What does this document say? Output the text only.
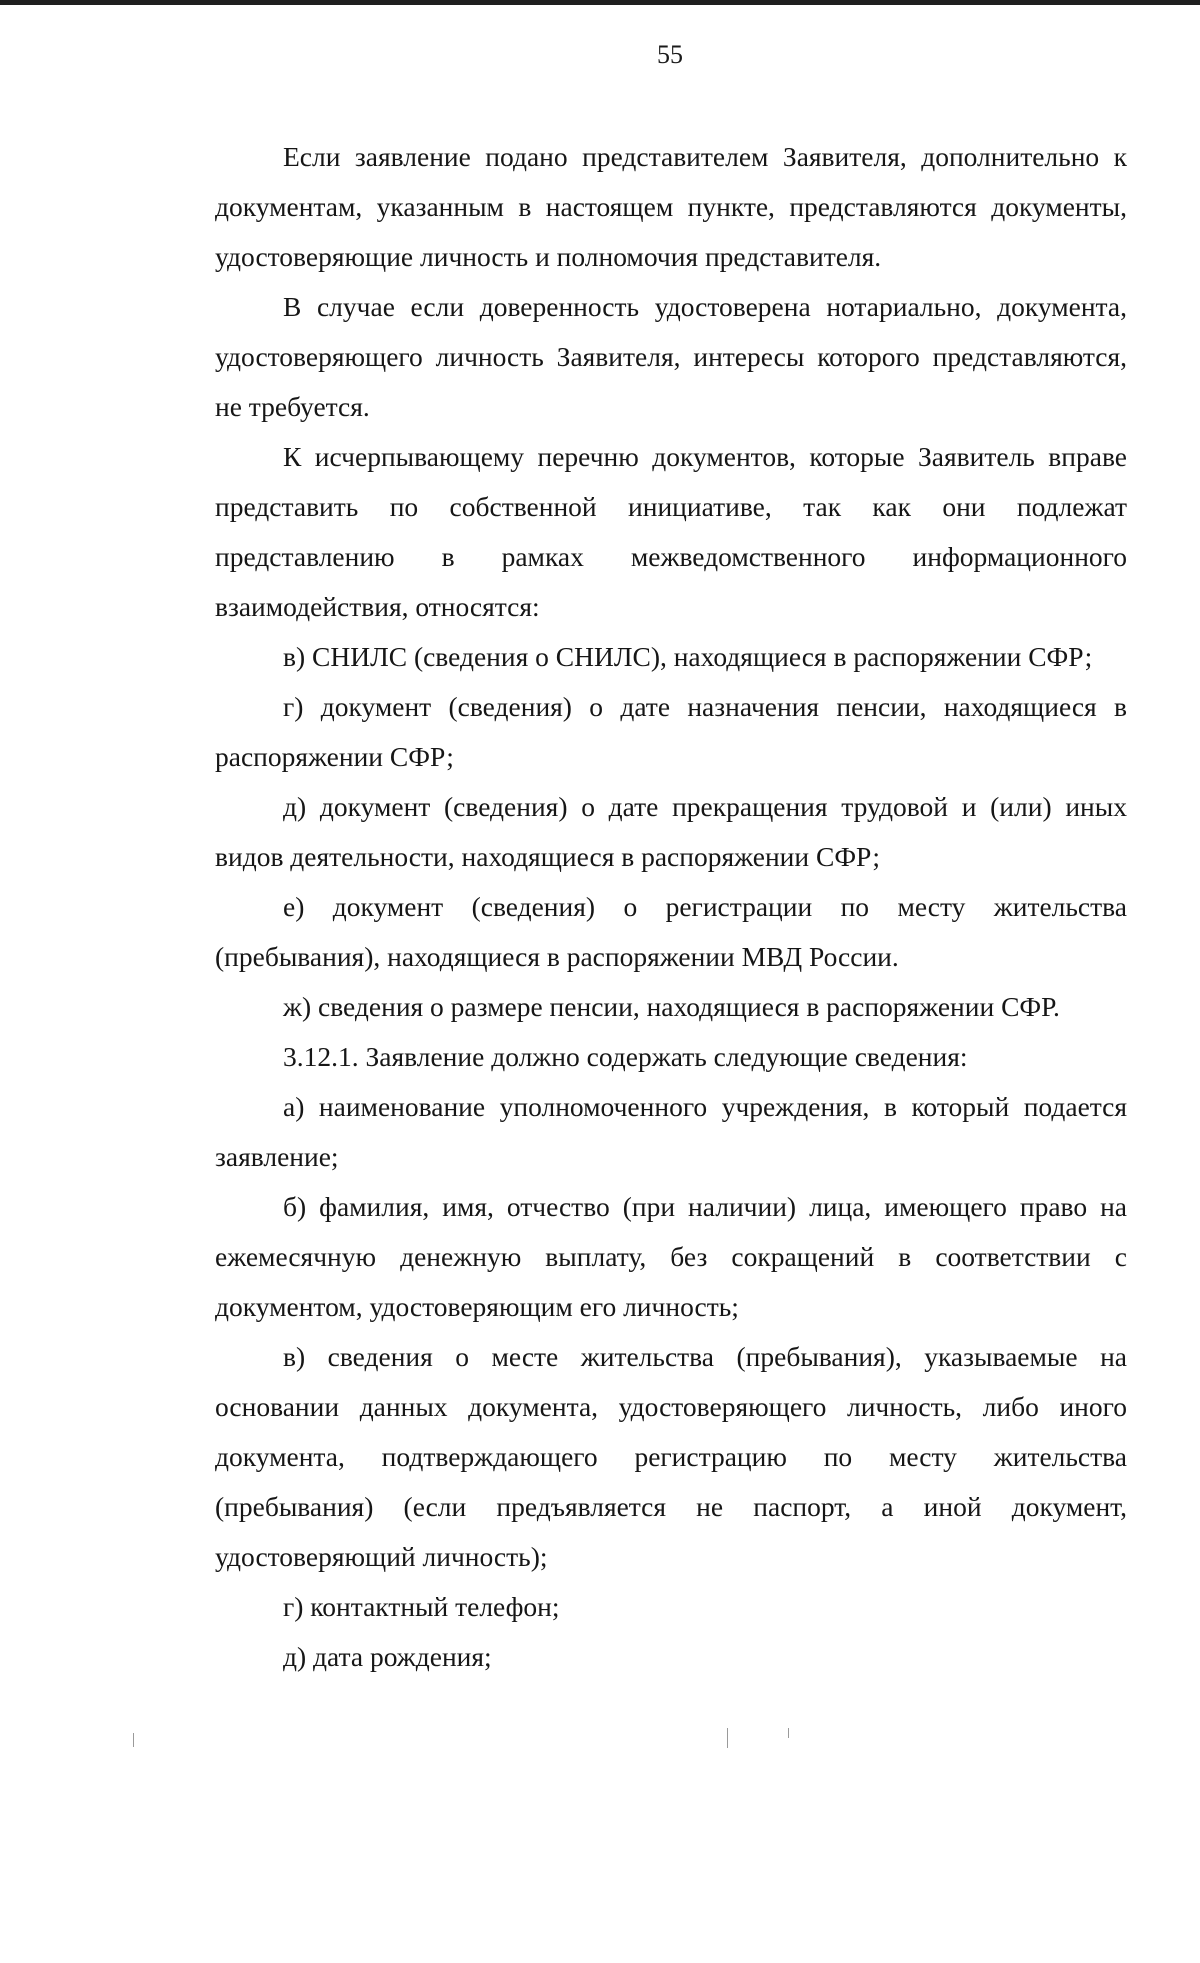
55

Если заявление подано представителем Заявителя, дополнительно к документам, указанным в настоящем пункте, представляются документы, удостоверяющие личность и полномочия представителя.

В случае если доверенность удостоверена нотариально, документа, удостоверяющего личность Заявителя, интересы которого представляются, не требуется.

К исчерпывающему перечню документов, которые Заявитель вправе представить по собственной инициативе, так как они подлежат представлению в рамках межведомственного информационного взаимодействия, относятся:

в) СНИЛС (сведения о СНИЛС), находящиеся в распоряжении СФР;

г) документ (сведения) о дате назначения пенсии, находящиеся в распоряжении СФР;

д) документ (сведения) о дате прекращения трудовой и (или) иных видов деятельности, находящиеся в распоряжении СФР;

е) документ (сведения) о регистрации по месту жительства (пребывания), находящиеся в распоряжении МВД России.

ж) сведения о размере пенсии, находящиеся в распоряжении СФР.

3.12.1. Заявление должно содержать следующие сведения:

а) наименование уполномоченного учреждения, в который подается заявление;

б) фамилия, имя, отчество (при наличии) лица, имеющего право на ежемесячную денежную выплату, без сокращений в соответствии с документом, удостоверяющим его личность;

в) сведения о месте жительства (пребывания), указываемые на основании данных документа, удостоверяющего личность, либо иного документа, подтверждающего регистрацию по месту жительства (пребывания) (если предъявляется не паспорт, а иной документ, удостоверяющий личность);

г) контактный телефон;

д) дата рождения;
